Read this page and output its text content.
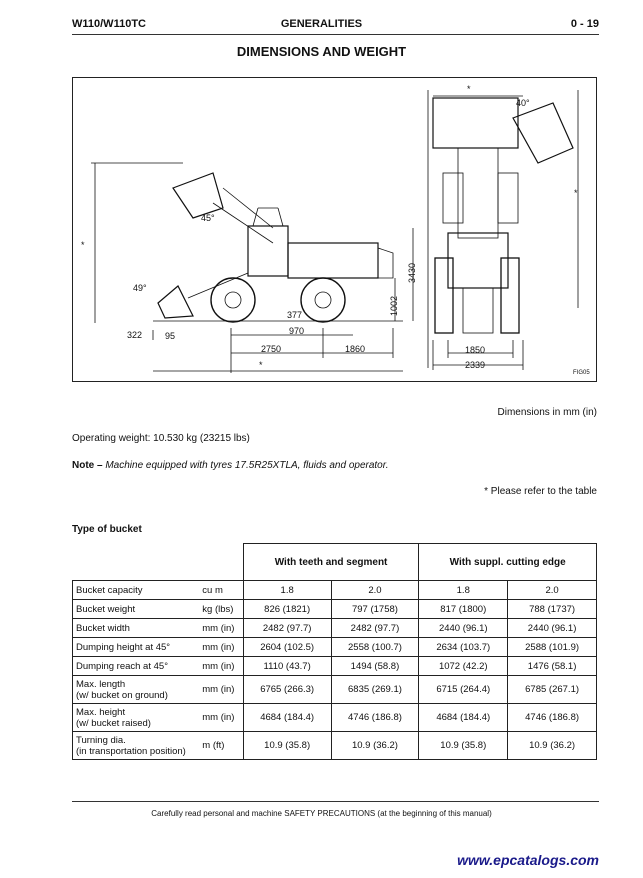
W110/W110TC	GENERALITIES	0 - 19
DIMENSIONS AND WEIGHT
45°
49°
40°
3430
1002
377
970
2750	1860
322	95
1850
2339
*
*
*
*
FIG05
Dimensions in mm (in)
Operating weight: 10.530 kg (23215 lbs)
Note – Machine equipped with tyres 17.5R25XTLA, fluids and operator.
* Please refer to the table
Type of bucket
		With teeth and segment		With suppl. cutting edge	
Bucket capacity	cu m	1.8	2.0	1.8	2.0
Bucket weight	kg (lbs)	826 (1821)	797 (1758)	817 (1800)	788 (1737)
Bucket width	mm (in)	2482 (97.7)	2482 (97.7)	2440 (96.1)	2440 (96.1)
Dumping height at 45°	mm (in)	2604 (102.5)	2558 (100.7)	2634 (103.7)	2588 (101.9)
Dumping reach at 45°	mm (in)	1110 (43.7)	1494 (58.8)	1072 (42.2)	1476 (58.1)
Max. length
(w/ bucket on ground)	mm (in)	6765 (266.3)	6835 (269.1)	6715 (264.4)	6785 (267.1)
Max. height
(w/ bucket raised)	mm (in)	4684 (184.4)	4746 (186.8)	4684 (184.4)	4746 (186.8)
Turning dia.
(in transportation position)	m (ft)	10.9 (35.8)	10.9 (36.2)	10.9 (35.8)	10.9 (36.2)
Carefully read personal and machine SAFETY PRECAUTIONS (at the beginning of this manual)
www.epcatalogs.com
